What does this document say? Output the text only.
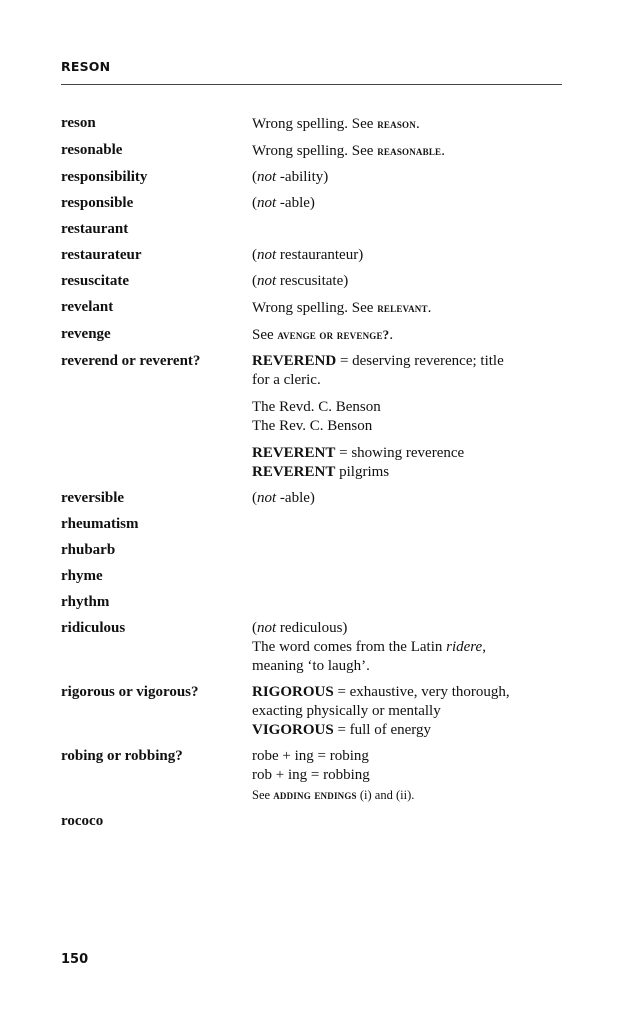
RESON
reson	Wrong spelling. See reason.
resonable	Wrong spelling. See reasonable.
responsibility	(not -ability)
responsible	(not -able)
restaurant
restaurateur	(not restauranteur)
resuscitate	(not rescusitate)
revelant	Wrong spelling. See relevant.
revenge	See avenge or revenge?.
reverend or reverent?	REVEREND = deserving reverence; title
for a cleric.
The Revd. C. Benson
The Rev. C. Benson
REVERENT = showing reverence
REVERENT pilgrims
reversible	(not -able)
rheumatism
rhubarb
rhyme
rhythm
ridiculous	(not rediculous)
The word comes from the Latin ridere,
meaning ‘to laugh’.
rigorous or vigorous?	RIGOROUS = exhaustive, very thorough,
exacting physically or mentally
VIGOROUS = full of energy
robing or robbing?	robe + ing = robing
rob + ing = robbing
See adding endings (i) and (ii).
rococo
150
